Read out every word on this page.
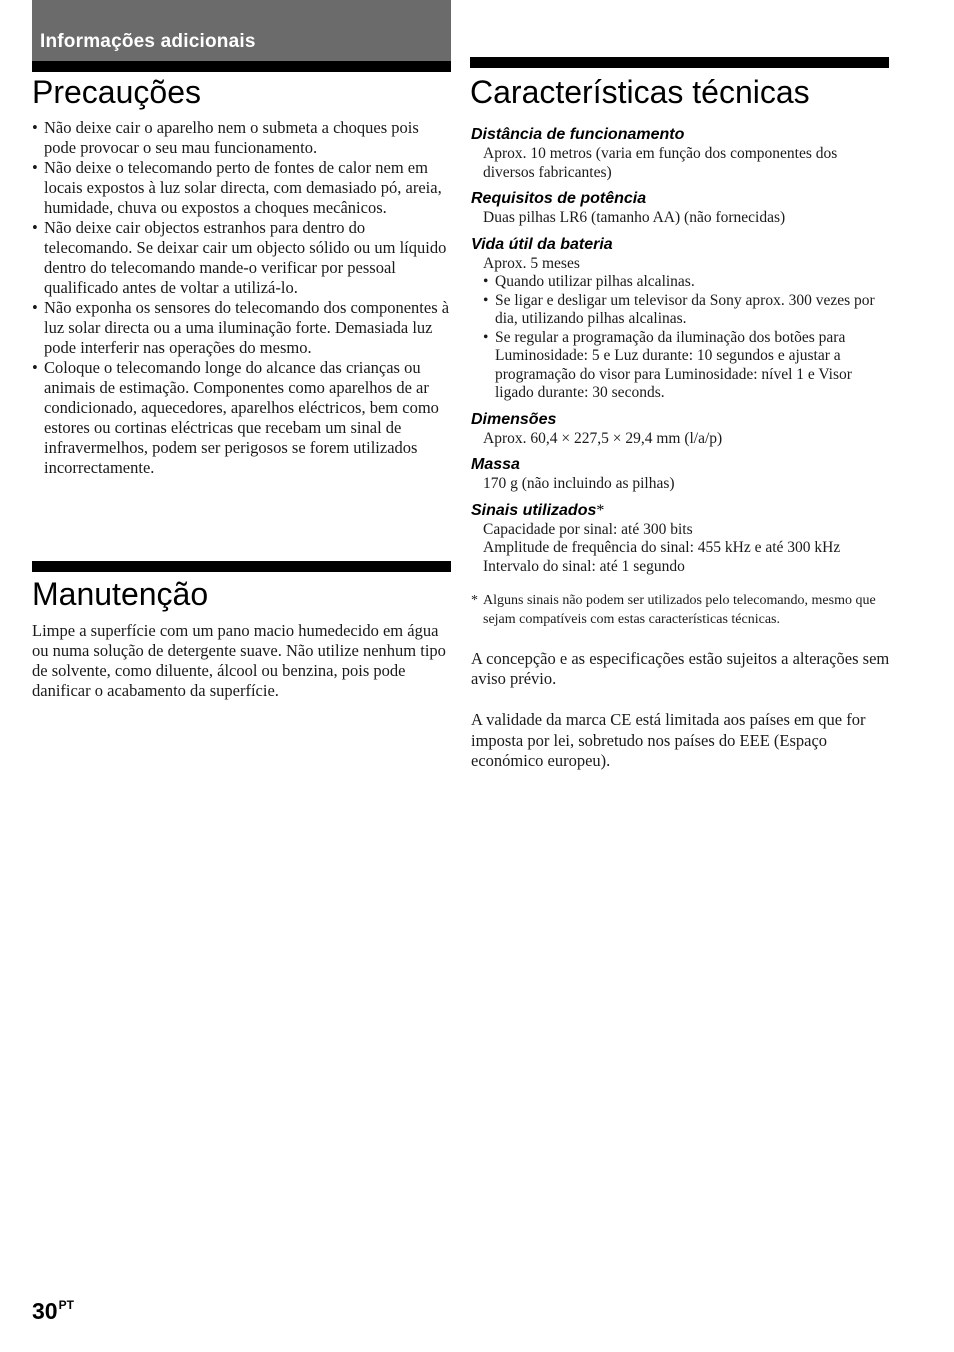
Informações adicionais
Precauções
• Não deixe cair o aparelho nem o submeta a choques pois pode provocar o seu mau funcionamento.
• Não deixe o telecomando perto de fontes de calor nem em locais expostos à luz solar directa, com demasiado pó, areia, humidade, chuva ou expostos a choques mecânicos.
• Não deixe cair objectos estranhos para dentro do telecomando. Se deixar cair um objecto sólido ou um líquido dentro do telecomando mande-o verificar por pessoal qualificado antes de voltar a utilizá-lo.
• Não exponha os sensores do telecomando dos componentes à luz solar directa ou a uma iluminação forte. Demasiada luz pode interferir nas operações do mesmo.
• Coloque o telecomando longe do alcance das crianças ou animais de estimação. Componentes como aparelhos de ar condicionado, aquecedores, aparelhos eléctricos, bem como estores ou cortinas eléctricas que recebam um sinal de infravermelhos, podem ser perigosos se forem utilizados incorrectamente.
Manutenção

Limpe a superfície com um pano macio humedecido em água ou numa solução de detergente suave. Não utilize nenhum tipo de solvente, como diluente, álcool ou benzina, pois pode danificar o acabamento da superfície.

Características técnicas

Distância de funcionamento

Aprox. 10 metros (varia em função dos componentes dos diversos fabricantes)

Requisitos de potência

Duas pilhas LR6 (tamanho AA) (não fornecidas)

Vida útil da bateria

Aprox. 5 meses
• Quando utilizar pilhas alcalinas.
• Se ligar e desligar um televisor da Sony aprox. 300 vezes por dia, utilizando pilhas alcalinas.
• Se regular a programação da iluminação dos botões para Luminosidade: 5 e Luz durante: 10 segundos e ajustar a programação do visor para Luminosidade: nível 1 e Visor ligado durante: 30 seconds.

Dimensões

Aprox. 60,4 × 227,5 × 29,4 mm (l/a/p)

Massa

170 g (não incluindo as pilhas)

Sinais utilizados*

Capacidade por sinal: até 300 bits
Amplitude de frequência do sinal: 455 kHz e até 300 kHz
Intervalo do sinal: até 1 segundo
* Alguns sinais não podem ser utilizados pelo telecomando, mesmo que sejam compatíveis com estas características técnicas.

A concepção e as especificações estão sujeitos a alterações sem aviso prévio.

A validade da marca CE está limitada aos países em que for imposta por lei, sobretudo nos países do EEE (Espaço económico europeu).

$30^{PT}$
